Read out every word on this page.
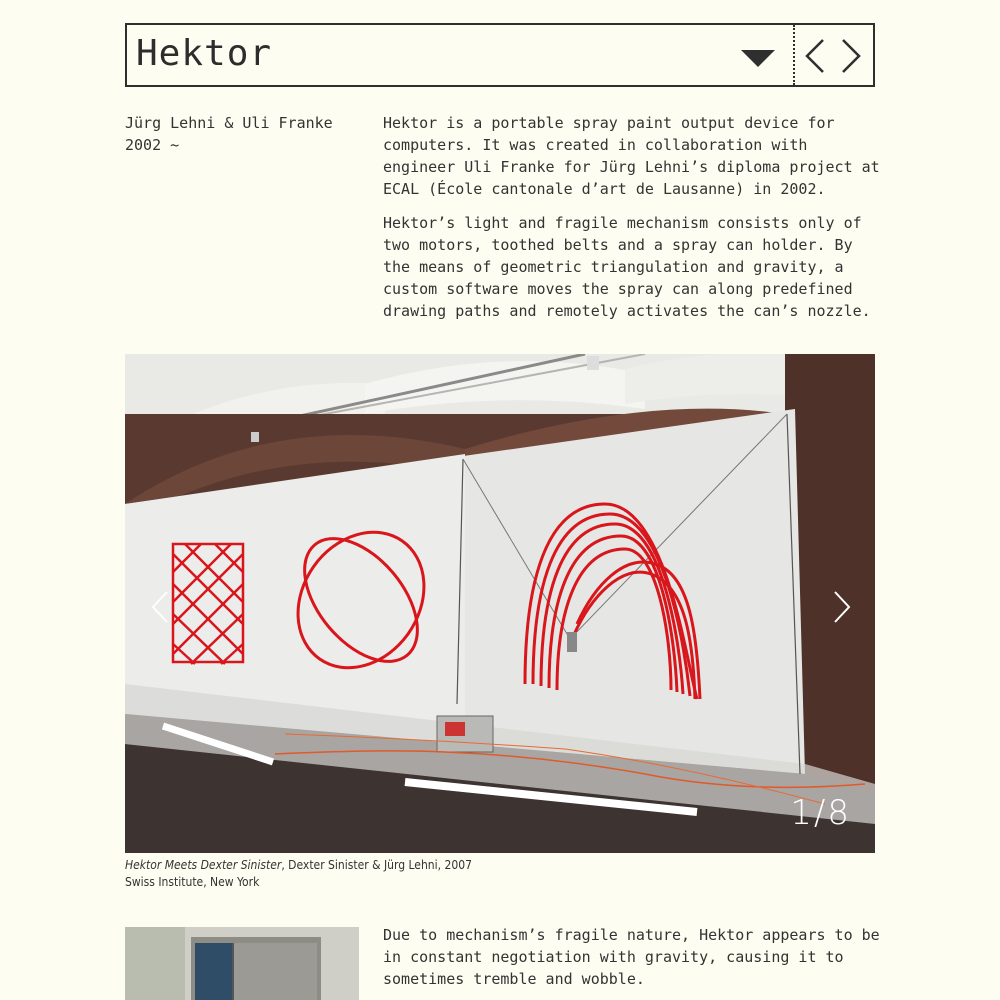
Hektor
Jürg Lehni & Uli Franke
2002 ~

Hektor is a portable spray paint output device for computers. It was created in collaboration with engineer Uli Franke for Jürg Lehni’s diploma project at ECAL (École cantonale d’art de Lausanne) in 2002.

Hektor’s light and fragile mechanism consists only of two motors, toothed belts and a spray can holder. By the means of geometric triangulation and gravity, a custom software moves the spray can along predefined drawing paths and remotely activates the can’s nozzle.

1/8
Hektor Meets Dexter Sinister, Dexter Sinister & Jürg Lehni, 2007
Swiss Institute, New York
Due to mechanism’s fragile nature, Hektor appears to be in constant negotiation with gravity, causing it to sometimes tremble and wobble.
